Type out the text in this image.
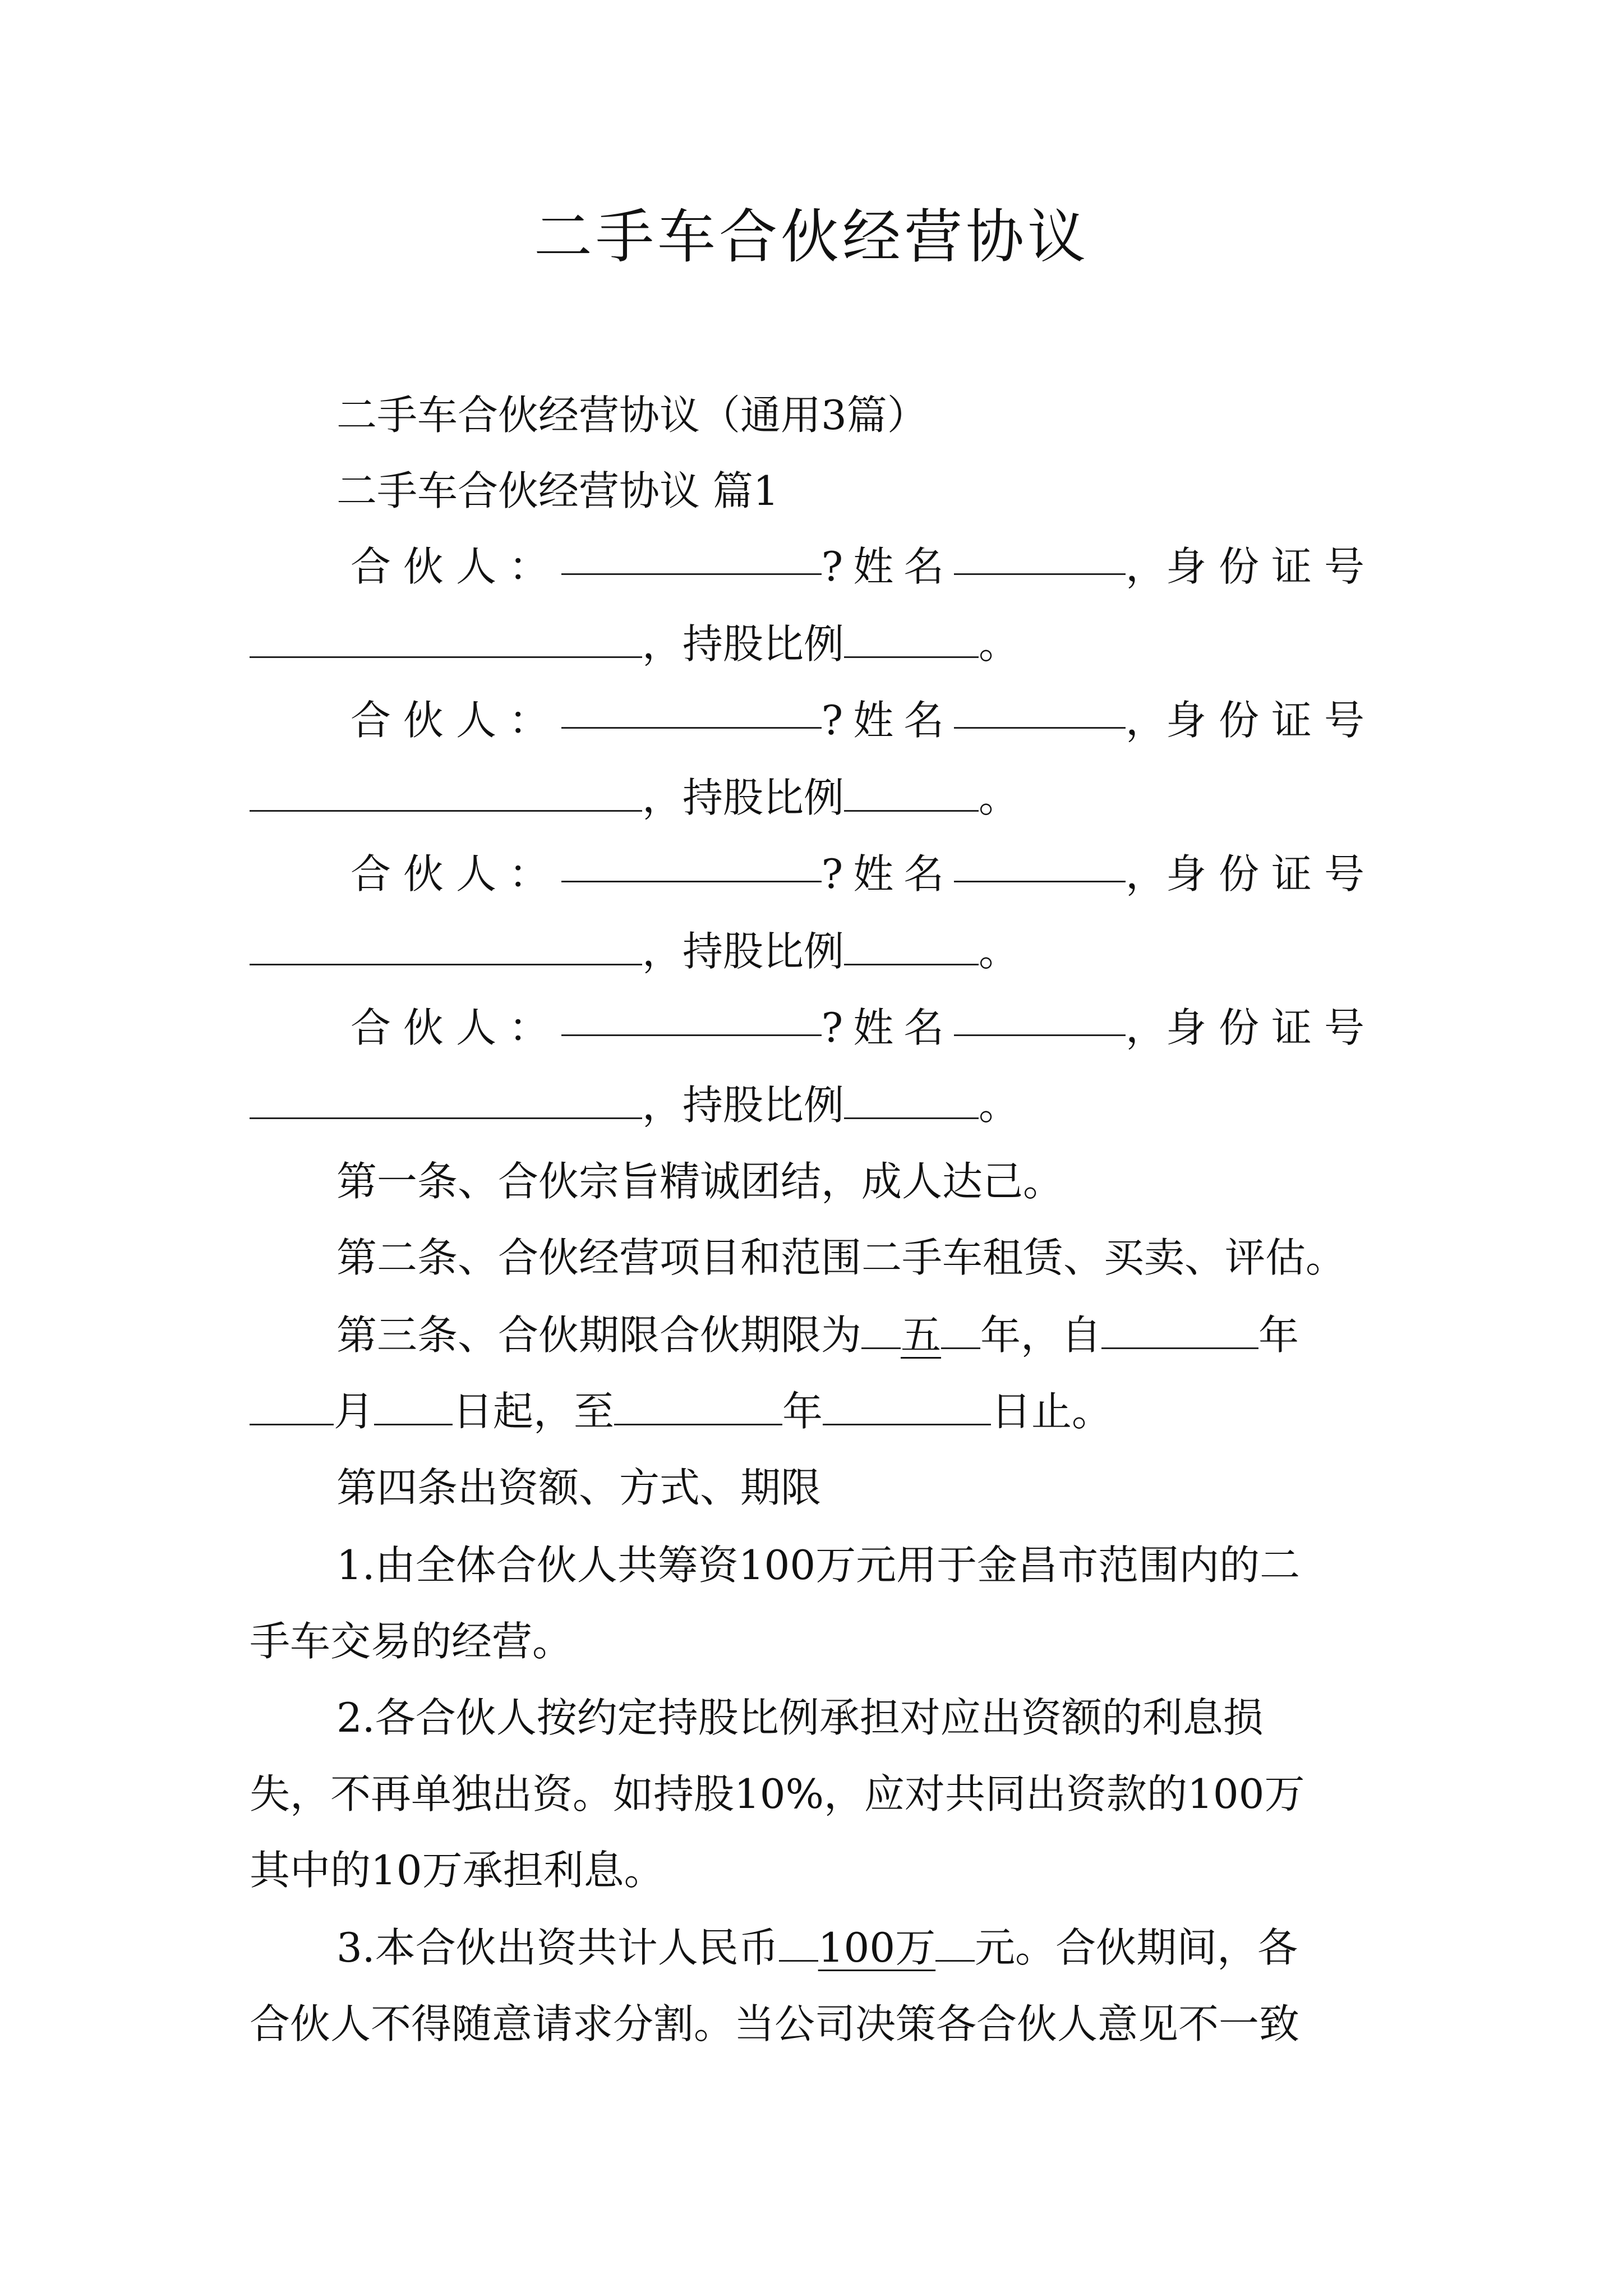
二手车合伙经营协议
二手车合伙经营协议（通用3篇）
二手车合伙经营协议 篇1
合伙人：	?姓名	， 身份证号
，持股比例	。
合伙人：	?姓名	， 身份证号
，持股比例	。
合伙人：	?姓名	， 身份证号
，持股比例	。
合伙人：	?姓名	， 身份证号
，持股比例	。
第一条、合伙宗旨精诚团结，成人达己。
第二条、合伙经营项目和范围二手车租赁、买卖、评估。
第三条、合伙期限合伙期限为 五 年，自	年
月 日起，至	年	日止。
第四条出资额、方式、期限
1.由全体合伙人共筹资100万元用于金昌市范围内的二
手车交易的经营。
2.各合伙人按约定持股比例承担对应出资额的利息损
失，不再单独出资。如持股10%，应对共同出资款的100万
其中的10万承担利息。
3.本合伙出资共计人民币 100万 元。合伙期间，各
合伙人不得随意请求分割。当公司决策各合伙人意见不一致
